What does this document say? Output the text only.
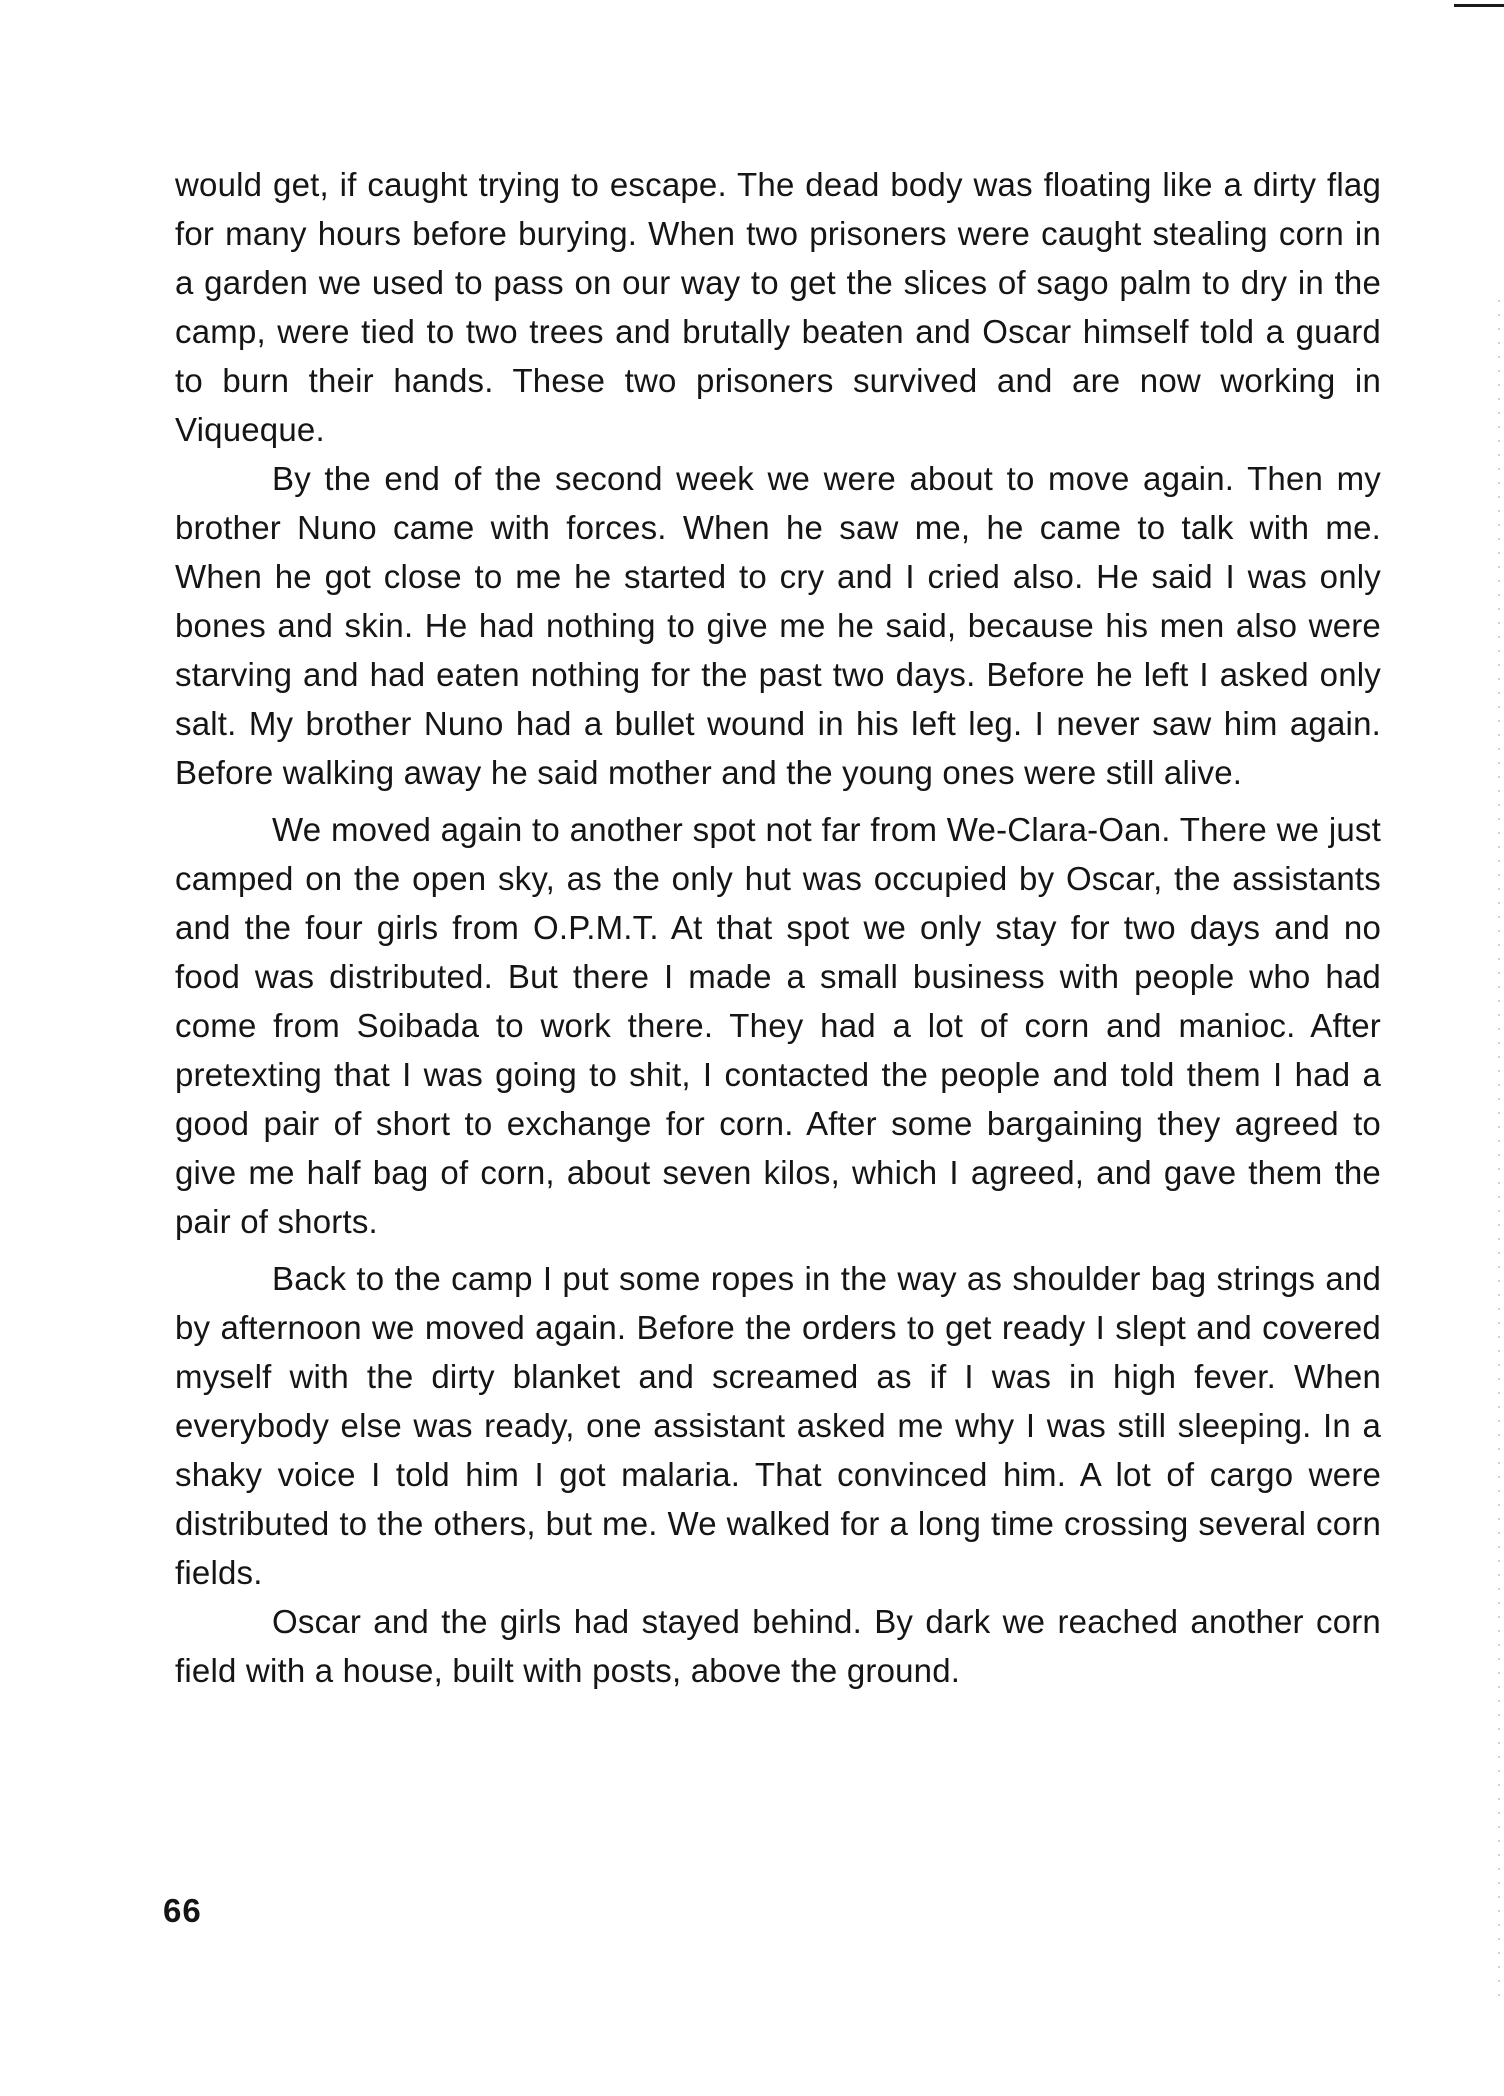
would get, if caught trying to escape. The dead body was floating like a dirty flag for many hours before burying. When two prisoners were caught stealing corn in a garden we used to pass on our way to get the slices of sago palm to dry in the camp, were tied to two trees and brutally beaten and Oscar himself told a guard to burn their hands. These two prisoners survived and are now working in Viqueque.

By the end of the second week we were about to move again. Then my brother Nuno came with forces. When he saw me, he came to talk with me. When he got close to me he started to cry and I cried also. He said I was only bones and skin. He had nothing to give me he said, because his men also were starving and had eaten nothing for the past two days. Before he left I asked only salt. My brother Nuno had a bullet wound in his left leg. I never saw him again. Before walking away he said mother and the young ones were still alive.

We moved again to another spot not far from We-Clara-Oan. There we just camped on the open sky, as the only hut was occupied by Oscar, the assistants and the four girls from O.P.M.T. At that spot we only stay for two days and no food was distributed. But there I made a small business with people who had come from Soibada to work there. They had a lot of corn and manioc. After pretexting that I was going to shit, I contacted the people and told them I had a good pair of short to exchange for corn. After some bargaining they agreed to give me half bag of corn, about seven kilos, which I agreed, and gave them the pair of shorts.

Back to the camp I put some ropes in the way as shoulder bag strings and by afternoon we moved again. Before the orders to get ready I slept and covered myself with the dirty blanket and screamed as if I was in high fever. When everybody else was ready, one assistant asked me why I was still sleeping. In a shaky voice I told him I got malaria. That convinced him. A lot of cargo were distributed to the others, but me. We walked for a long time crossing several corn fields.

Oscar and the girls had stayed behind. By dark we reached another corn field with a house, built with posts, above the ground.

66
